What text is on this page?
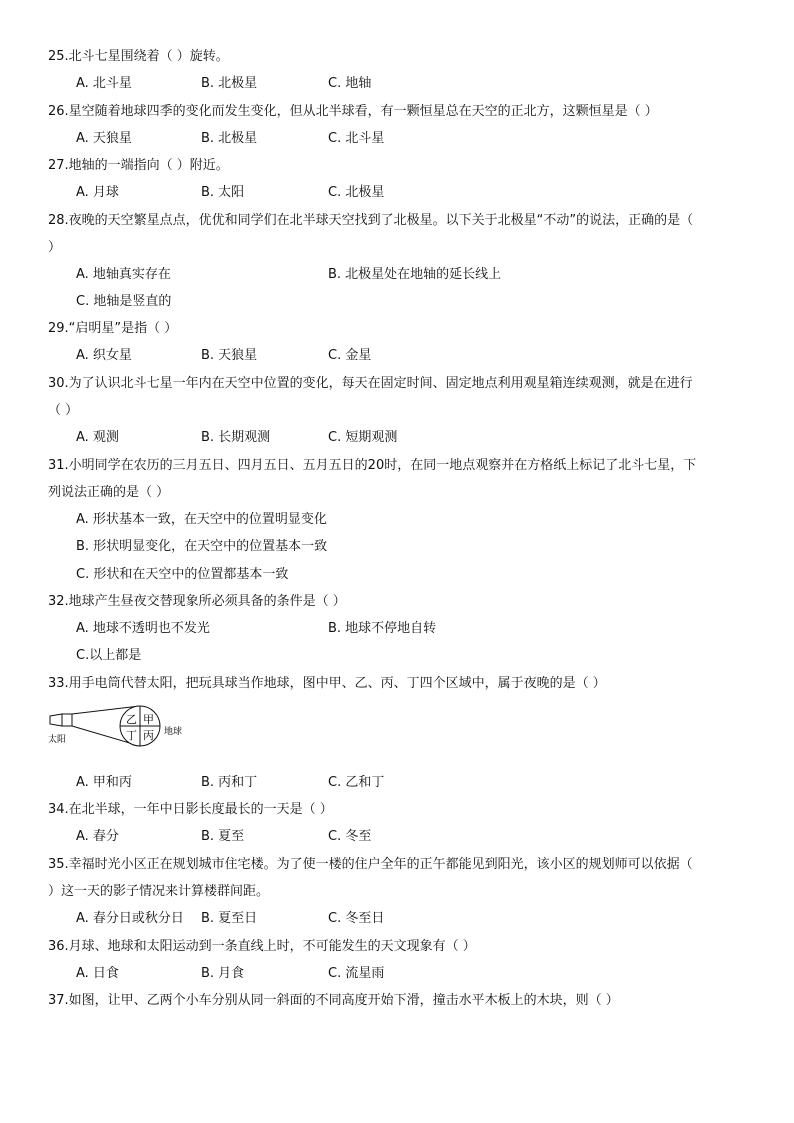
25.北斗七星围绕着（ ）旋转。
A. 北斗星	B. 北极星	C. 地轴
26.星空随着地球四季的变化而发生变化，但从北半球看，有一颗恒星总在天空的正北方，这颗恒星是（ ）
A. 天狼星	B. 北极星	C. 北斗星
27.地轴的一端指向（ ）附近。
A. 月球	B. 太阳	C. 北极星
28.夜晚的天空繁星点点，优优和同学们在北半球天空找到了北极星。以下关于北极星“不动”的说法，正确的是（
）
A. 地轴真实存在	B. 北极星处在地轴的延长线上
C. 地轴是竖直的
29.“启明星”是指（ ）
A. 织女星	B. 天狼星	C. 金星
30.为了认识北斗七星一年内在天空中位置的变化，每天在固定时间、固定地点利用观星箱连续观测，就是在进行
（ ）
A. 观测	B. 长期观测	C. 短期观测
31.小明同学在农历的三月五日、四月五日、五月五日的20时，在同一地点观察并在方格纸上标记了北斗七星，下
列说法正确的是（ ）
A. 形状基本一致，在天空中的位置明显变化
B. 形状明显变化，在天空中的位置基本一致
C. 形状和在天空中的位置都基本一致
32.地球产生昼夜交替现象所必须具备的条件是（ ）
A. 地球不透明也不发光	B. 地球不停地自转
C.以上都是
33.用手电筒代替太阳，把玩具球当作地球，图中甲、乙、丙、丁四个区域中，属于夜晚的是（ ）
乙 甲
丁 丙
太阳
地球
A. 甲和丙	B. 丙和丁	C. 乙和丁
34.在北半球，一年中日影长度最长的一天是（ ）
A. 春分	B. 夏至	C. 冬至
35.幸福时光小区正在规划城市住宅楼。为了使一楼的住户全年的正午都能见到阳光，该小区的规划师可以依据（
）这一天的影子情况来计算楼群间距。
A. 春分日或秋分日 B. 夏至日	C. 冬至日
36.月球、地球和太阳运动到一条直线上时，不可能发生的天文现象有（ ）
A. 日食	B. 月食	C. 流星雨
37.如图，让甲、乙两个小车分别从同一斜面的不同高度开始下滑，撞击水平木板上的木块，则（ ）
